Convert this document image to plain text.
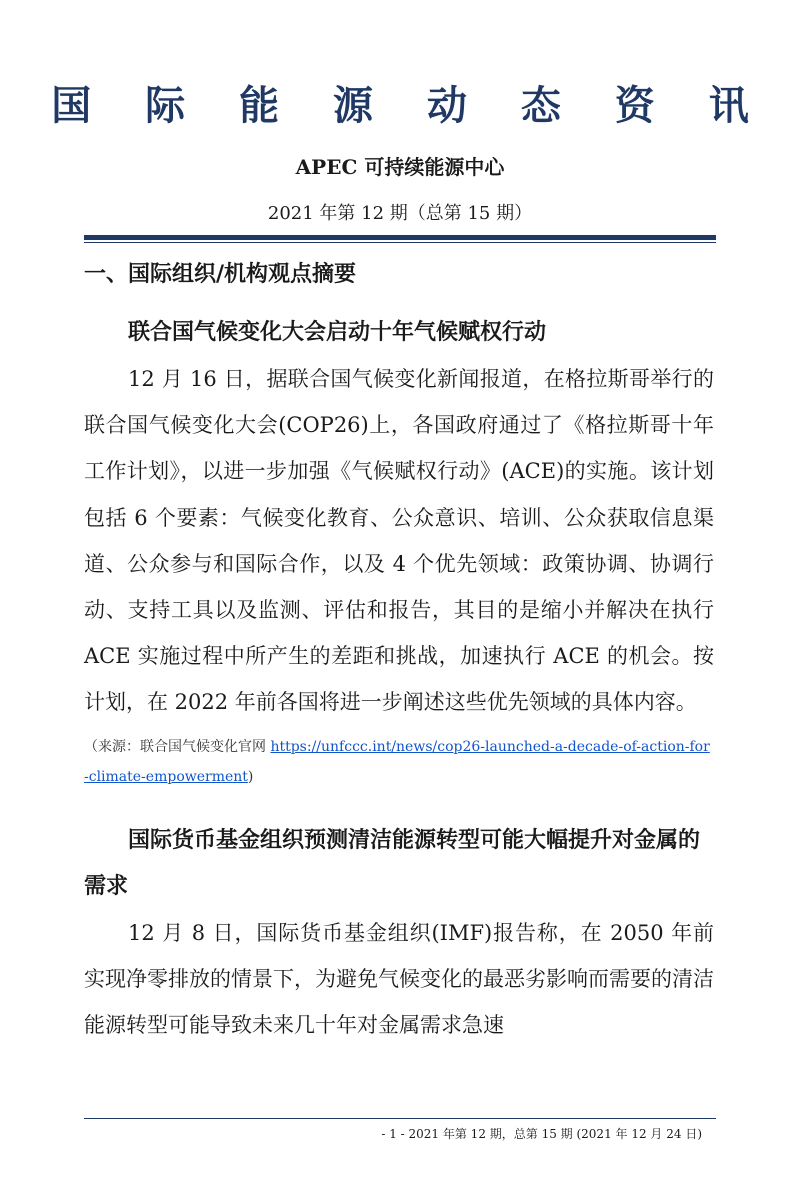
国 际 能 源 动 态 资 讯
APEC 可持续能源中心
2021 年第 12 期（总第 15 期）
一、国际组织/机构观点摘要

联合国气候变化大会启动十年气候赋权行动

12 月 16 日，据联合国气候变化新闻报道，在格拉斯哥举行的联合国气候变化大会(COP26)上，各国政府通过了《格拉斯哥十年工作计划》，以进一步加强《气候赋权行动》(ACE)的实施。该计划包括 6 个要素：气候变化教育、公众意识、培训、公众获取信息渠道、公众参与和国际合作，以及 4 个优先领域：政策协调、协调行动、支持工具以及监测、评估和报告，其目的是缩小并解决在执行 ACE 实施过程中所产生的差距和挑战，加速执行 ACE 的机会。按计划，在 2022 年前各国将进一步阐述这些优先领域的具体内容。

（来源：联合国气候变化官网 https://unfccc.int/news/cop26-launched-a-decade-of-action-for-climate-empowerment)

国际货币基金组织预测清洁能源转型可能大幅提升对金属的需求

12 月 8 日，国际货币基金组织(IMF)报告称，在 2050 年前实现净零排放的情景下，为避免气候变化的最恶劣影响而需要的清洁能源转型可能导致未来几十年对金属需求急速

- 1 - 2021 年第 12 期，总第 15 期 (2021 年 12 月 24 日)
